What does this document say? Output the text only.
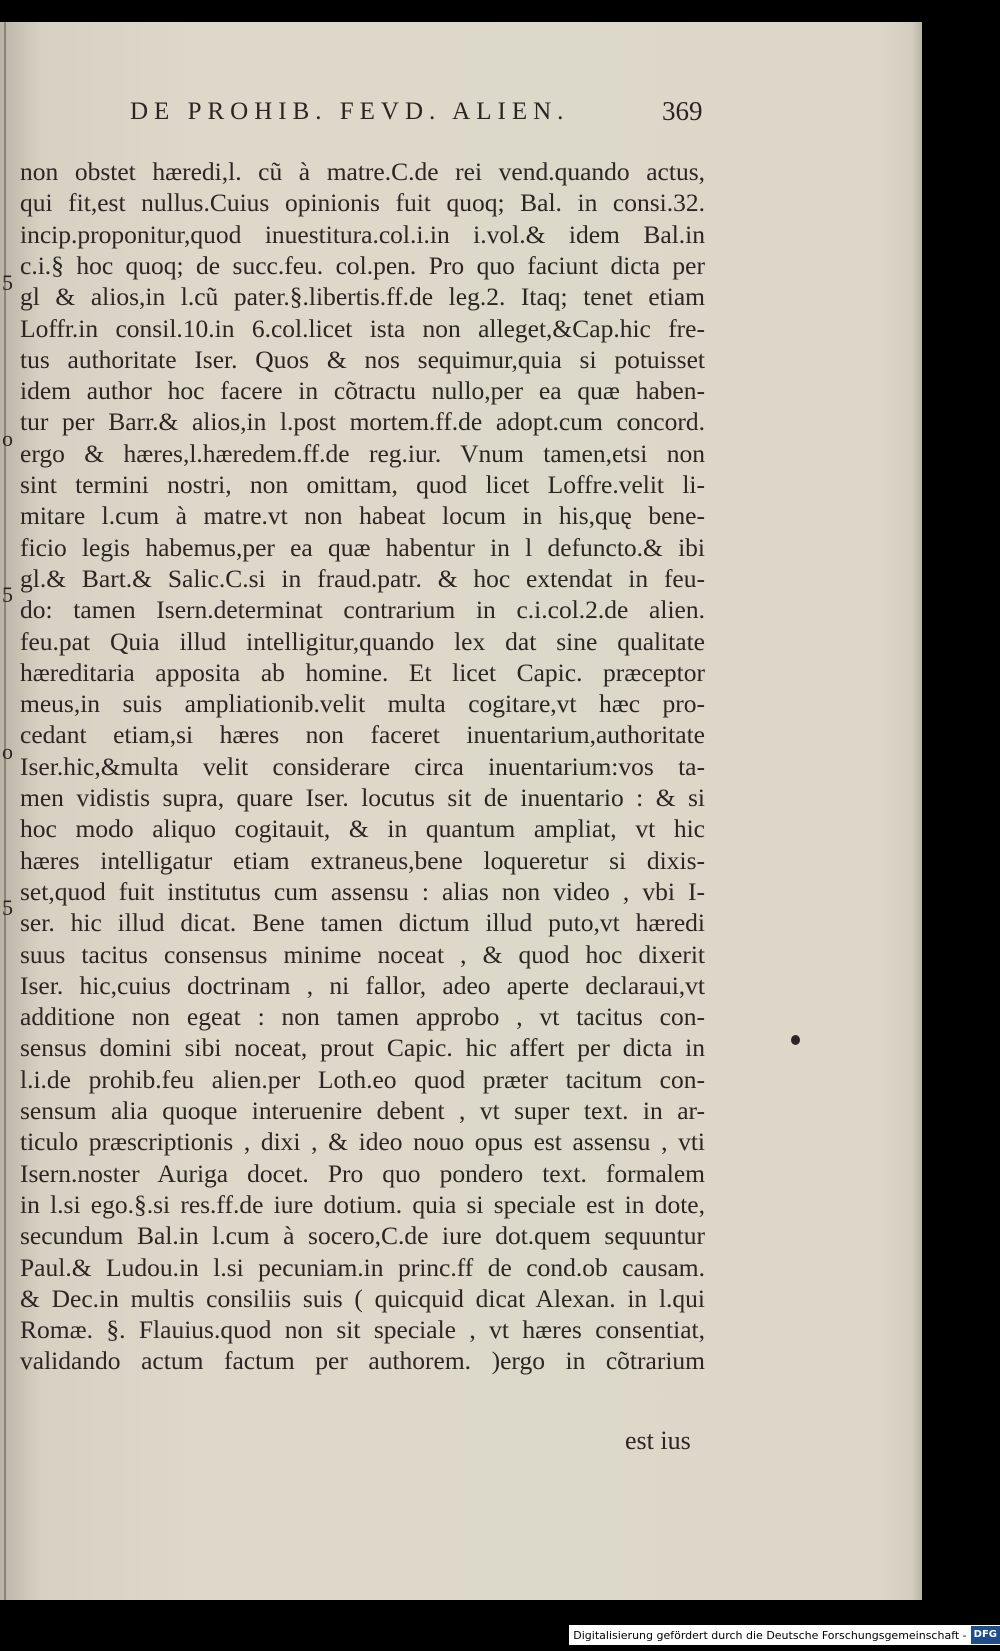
DE PROHIB. FEVD. ALIEN.	369
non obstet hæredi,l. cũ à matre.C.de rei vend.quando actus,
qui fit,est nullus.Cuius opinionis fuit quoq; Bal. in consi.32.
incip.proponitur,quod inuestitura.col.i.in i.vol.& idem Bal.in
c.i.§ hoc quoq; de succ.feu. col.pen. Pro quo faciunt dicta per
gl & alios,in l.cũ pater.§.libertis.ff.de leg.2. Itaq; tenet etiam
Loffr.in consil.10.in 6.col.licet ista non alleget,&Cap.hic fre-
tus authoritate Iser. Quos & nos sequimur,quia si potuisset
idem author hoc facere in cõtractu nullo,per ea quæ haben-
tur per Barr.& alios,in l.post mortem.ff.de adopt.cum concord.
ergo & hæres,l.hæredem.ff.de reg.iur. Vnum tamen,etsi non
sint termini nostri, non omittam, quod licet Loffre.velit li-
mitare l.cum à matre.vt non habeat locum in his,quę bene-
ficio legis habemus,per ea quæ habentur in l defuncto.& ibi
gl.& Bart.& Salic.C.si in fraud.patr. & hoc extendat in feu-
do: tamen Isern.determinat contrarium in c.i.col.2.de alien.
feu.pat Quia illud intelligitur,quando lex dat sine qualitate
hæreditaria apposita ab homine. Et licet Capic. præceptor
meus,in suis ampliationib.velit multa cogitare,vt hæc pro-
cedant etiam,si hæres non faceret inuentarium,authoritate
Iser.hic,&multa velit considerare circa inuentarium:vos ta-
men vidistis supra, quare Iser. locutus sit de inuentario : & si
hoc modo aliquo cogitauit, & in quantum ampliat, vt hic
hæres intelligatur etiam extraneus,bene loqueretur si dixis-
set,quod fuit institutus cum assensu : alias non video , vbi I-
ser. hic illud dicat. Bene tamen dictum illud puto,vt hæredi
suus tacitus consensus minime noceat , & quod hoc dixerit
Iser. hic,cuius doctrinam , ni fallor, adeo aperte declaraui,vt
additione non egeat : non tamen approbo , vt tacitus con-
sensus domini sibi noceat, prout Capic. hic affert per dicta in
l.i.de prohib.feu alien.per Loth.eo quod præter tacitum con-
sensum alia quoque interuenire debent , vt super text. in ar-
ticulo præscriptionis , dixi , & ideo nouo opus est assensu , vti
Isern.noster Auriga docet. Pro quo pondero text. formalem
in l.si ego.§.si res.ff.de iure dotium. quia si speciale est in dote,
secundum Bal.in l.cum à socero,C.de iure dot.quem sequuntur
Paul.& Ludou.in l.si pecuniam.in princ.ff de cond.ob causam.
& Dec.in multis consiliis suis ( quicquid dicat Alexan. in l.qui
Romæ. §. Flauius.quod non sit speciale , vt hæres consentiat,
validando actum factum per authorem. )ergo in cõtrarium
5
o
5
o
5
est ius
Digitalisierung gefördert durch die Deutsche Forschungsgemeinschaft - DFG
